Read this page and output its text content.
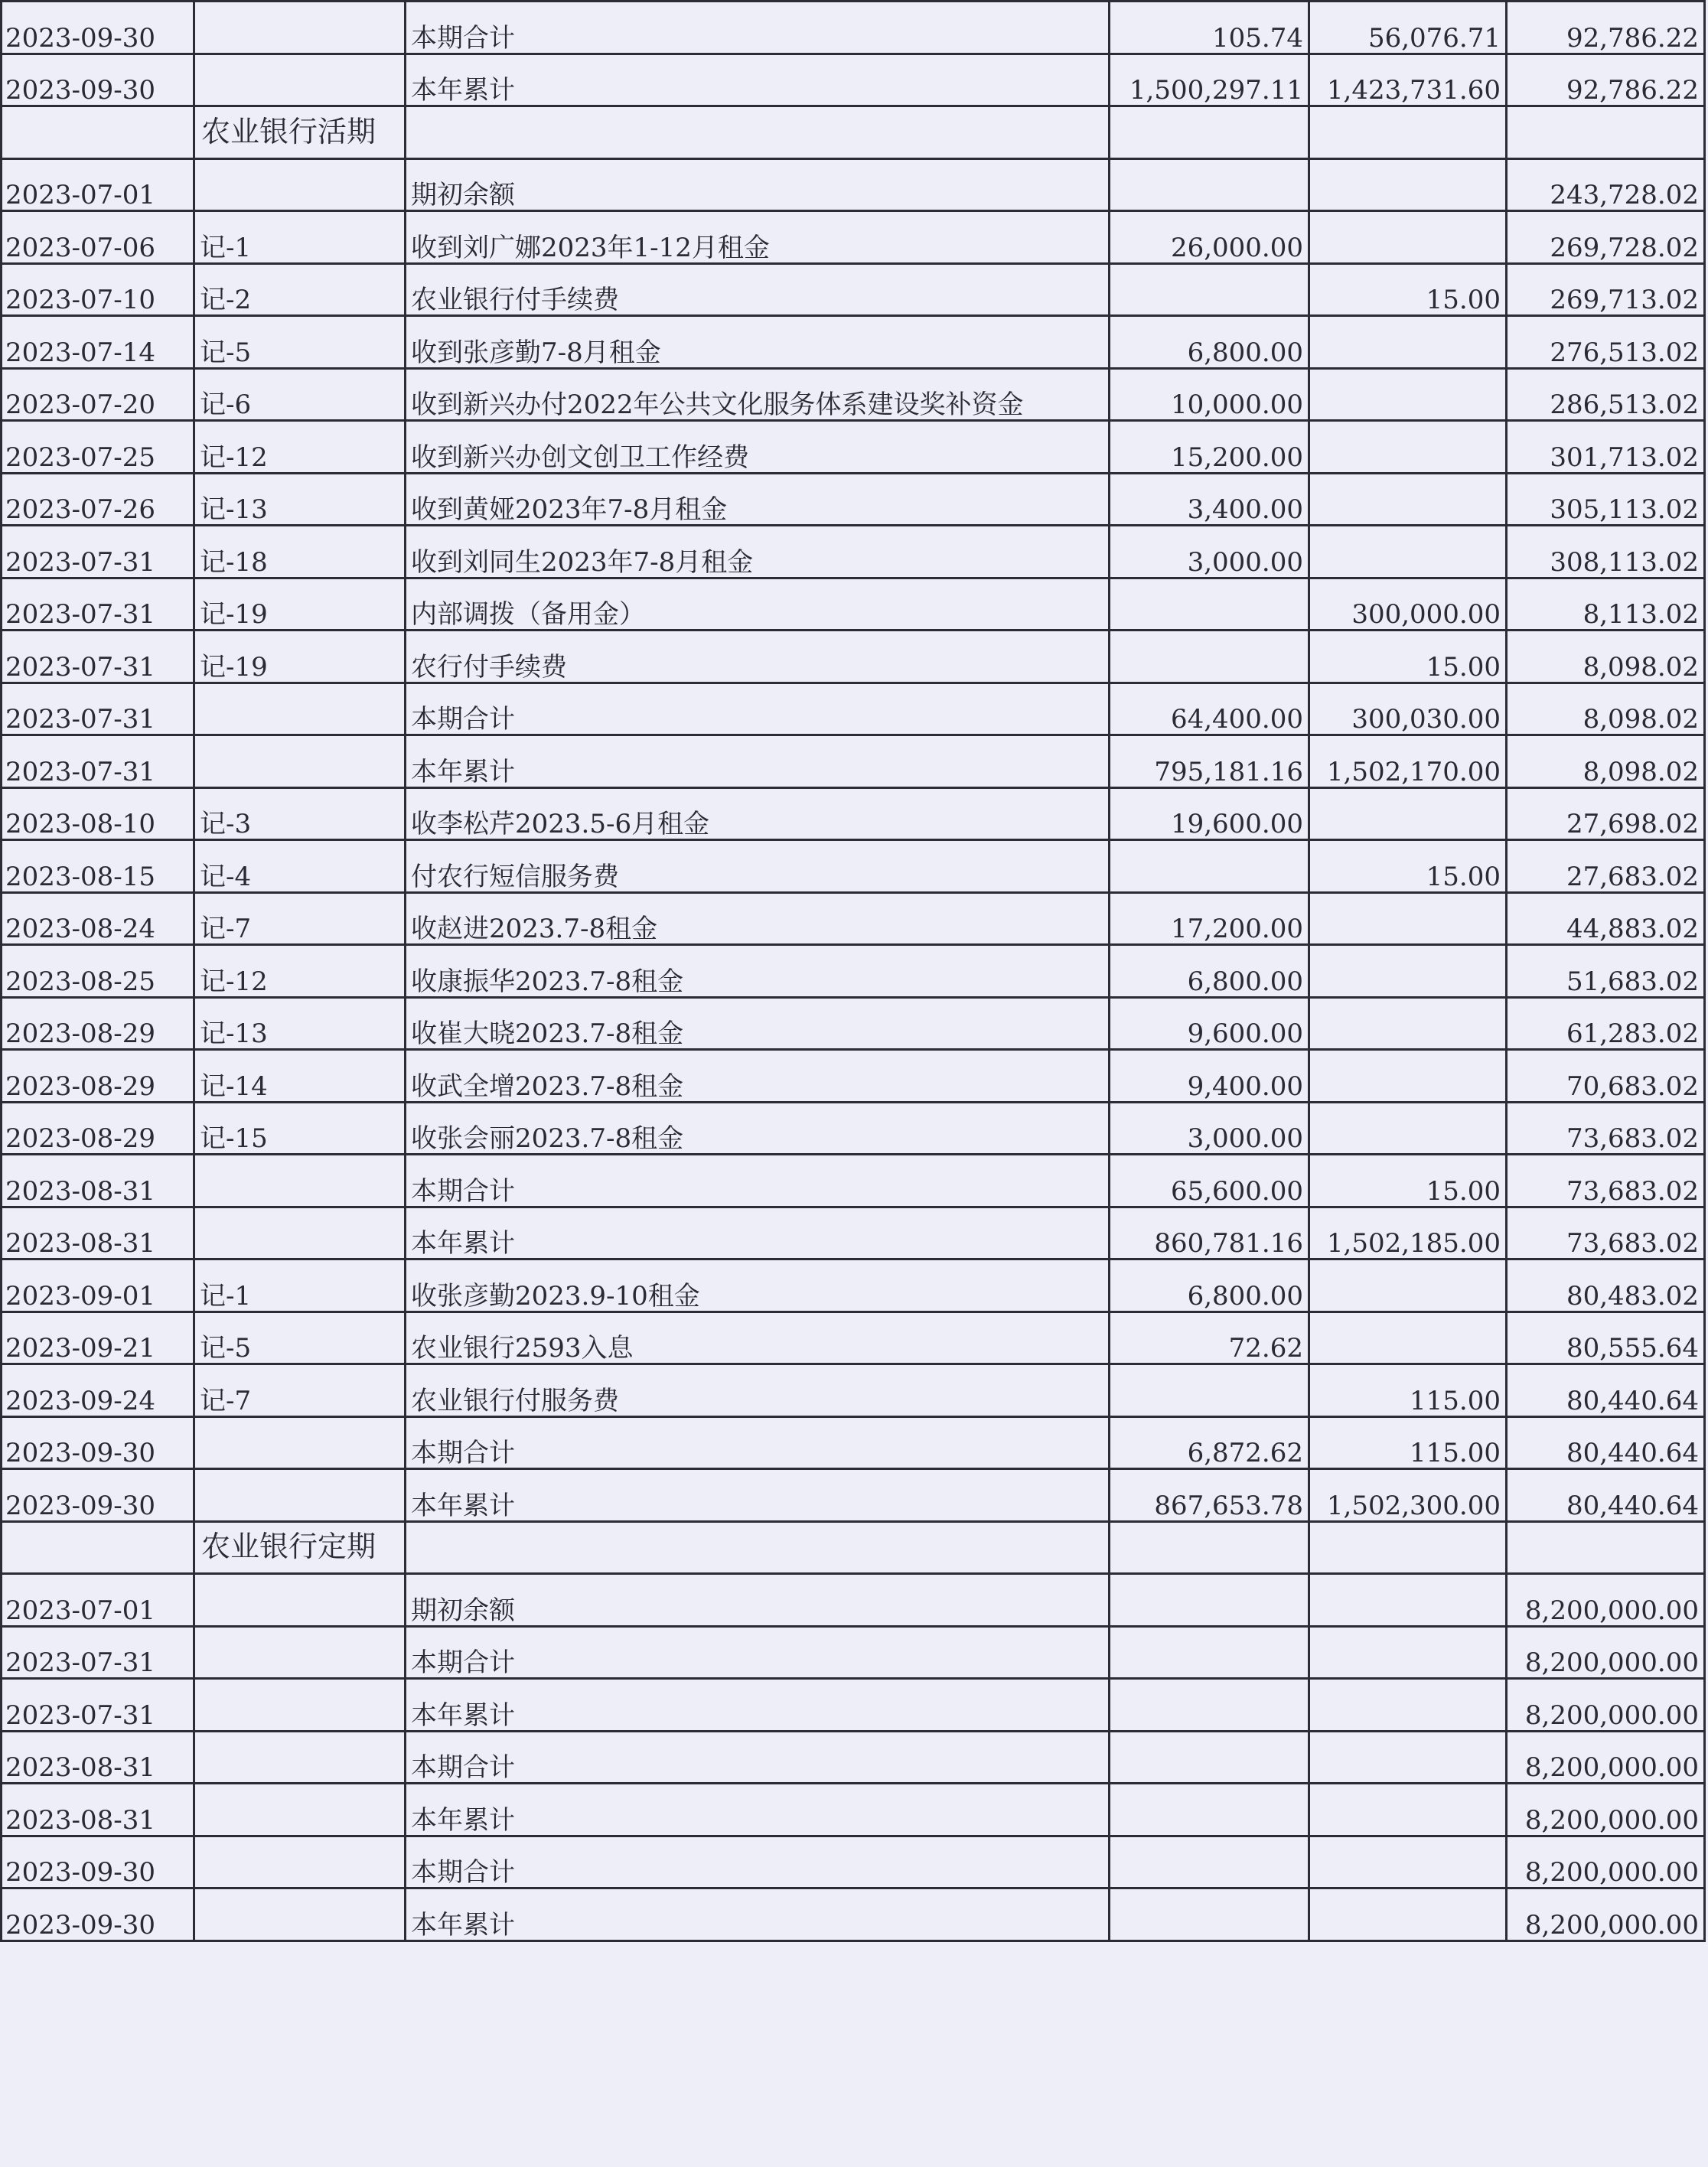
2023-09-30		本期合计	105.74	56,076.71	92,786.22
2023-09-30		本年累计	1,500,297.11	1,423,731.60	92,786.22
	农业银行活期				
2023-07-01		期初余额			243,728.02
2023-07-06	记-1	收到刘广娜2023年1-12月租金	26,000.00		269,728.02
2023-07-10	记-2	农业银行付手续费		15.00	269,713.02
2023-07-14	记-5	收到张彦勤7-8月租金	6,800.00		276,513.02
2023-07-20	记-6	收到新兴办付2022年公共文化服务体系建设奖补资金	10,000.00		286,513.02
2023-07-25	记-12	收到新兴办创文创卫工作经费	15,200.00		301,713.02
2023-07-26	记-13	收到黄娅2023年7-8月租金	3,400.00		305,113.02
2023-07-31	记-18	收到刘同生2023年7-8月租金	3,000.00		308,113.02
2023-07-31	记-19	内部调拨（备用金）		300,000.00	8,113.02
2023-07-31	记-19	农行付手续费		15.00	8,098.02
2023-07-31		本期合计	64,400.00	300,030.00	8,098.02
2023-07-31		本年累计	795,181.16	1,502,170.00	8,098.02
2023-08-10	记-3	收李松芹2023.5-6月租金	19,600.00		27,698.02
2023-08-15	记-4	付农行短信服务费		15.00	27,683.02
2023-08-24	记-7	收赵进2023.7-8租金	17,200.00		44,883.02
2023-08-25	记-12	收康振华2023.7-8租金	6,800.00		51,683.02
2023-08-29	记-13	收崔大晓2023.7-8租金	9,600.00		61,283.02
2023-08-29	记-14	收武全增2023.7-8租金	9,400.00		70,683.02
2023-08-29	记-15	收张会丽2023.7-8租金	3,000.00		73,683.02
2023-08-31		本期合计	65,600.00	15.00	73,683.02
2023-08-31		本年累计	860,781.16	1,502,185.00	73,683.02
2023-09-01	记-1	收张彦勤2023.9-10租金	6,800.00		80,483.02
2023-09-21	记-5	农业银行2593入息	72.62		80,555.64
2023-09-24	记-7	农业银行付服务费		115.00	80,440.64
2023-09-30		本期合计	6,872.62	115.00	80,440.64
2023-09-30		本年累计	867,653.78	1,502,300.00	80,440.64
	农业银行定期				
2023-07-01		期初余额			8,200,000.00
2023-07-31		本期合计			8,200,000.00
2023-07-31		本年累计			8,200,000.00
2023-08-31		本期合计			8,200,000.00
2023-08-31		本年累计			8,200,000.00
2023-09-30		本期合计			8,200,000.00
2023-09-30		本年累计			8,200,000.00
